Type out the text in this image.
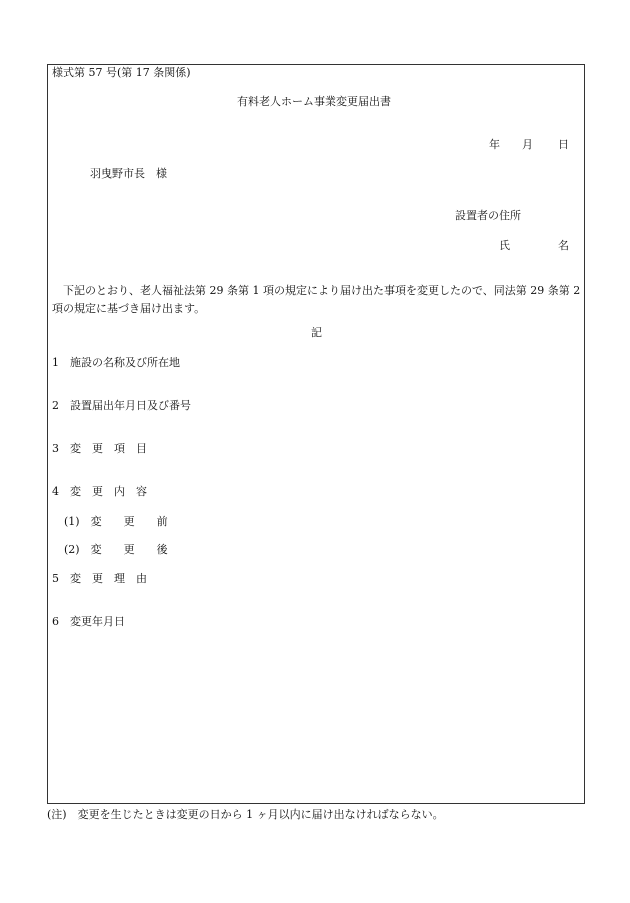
様式第 57 号(第 17 条関係)
有料老人ホーム事業変更届出書
年 月 日
羽曳野市長　様
設置者の住所
氏	名
下記のとおり、老人福祉法第 29 条第 1 項の規定により届け出た事項を変更したので、同法第 29 条第 2 項の規定に基づき届け出ます。
記
1　施設の名称及び所在地
2　設置届出年月日及び番号
3　変　更　項　目
4　変　更　内　容
(1)　変　　更　　前
(2)　変　　更　　後
5　変　更　理　由
6　変更年月日
(注)　変更を生じたときは変更の日から 1 ヶ月以内に届け出なければならない。
